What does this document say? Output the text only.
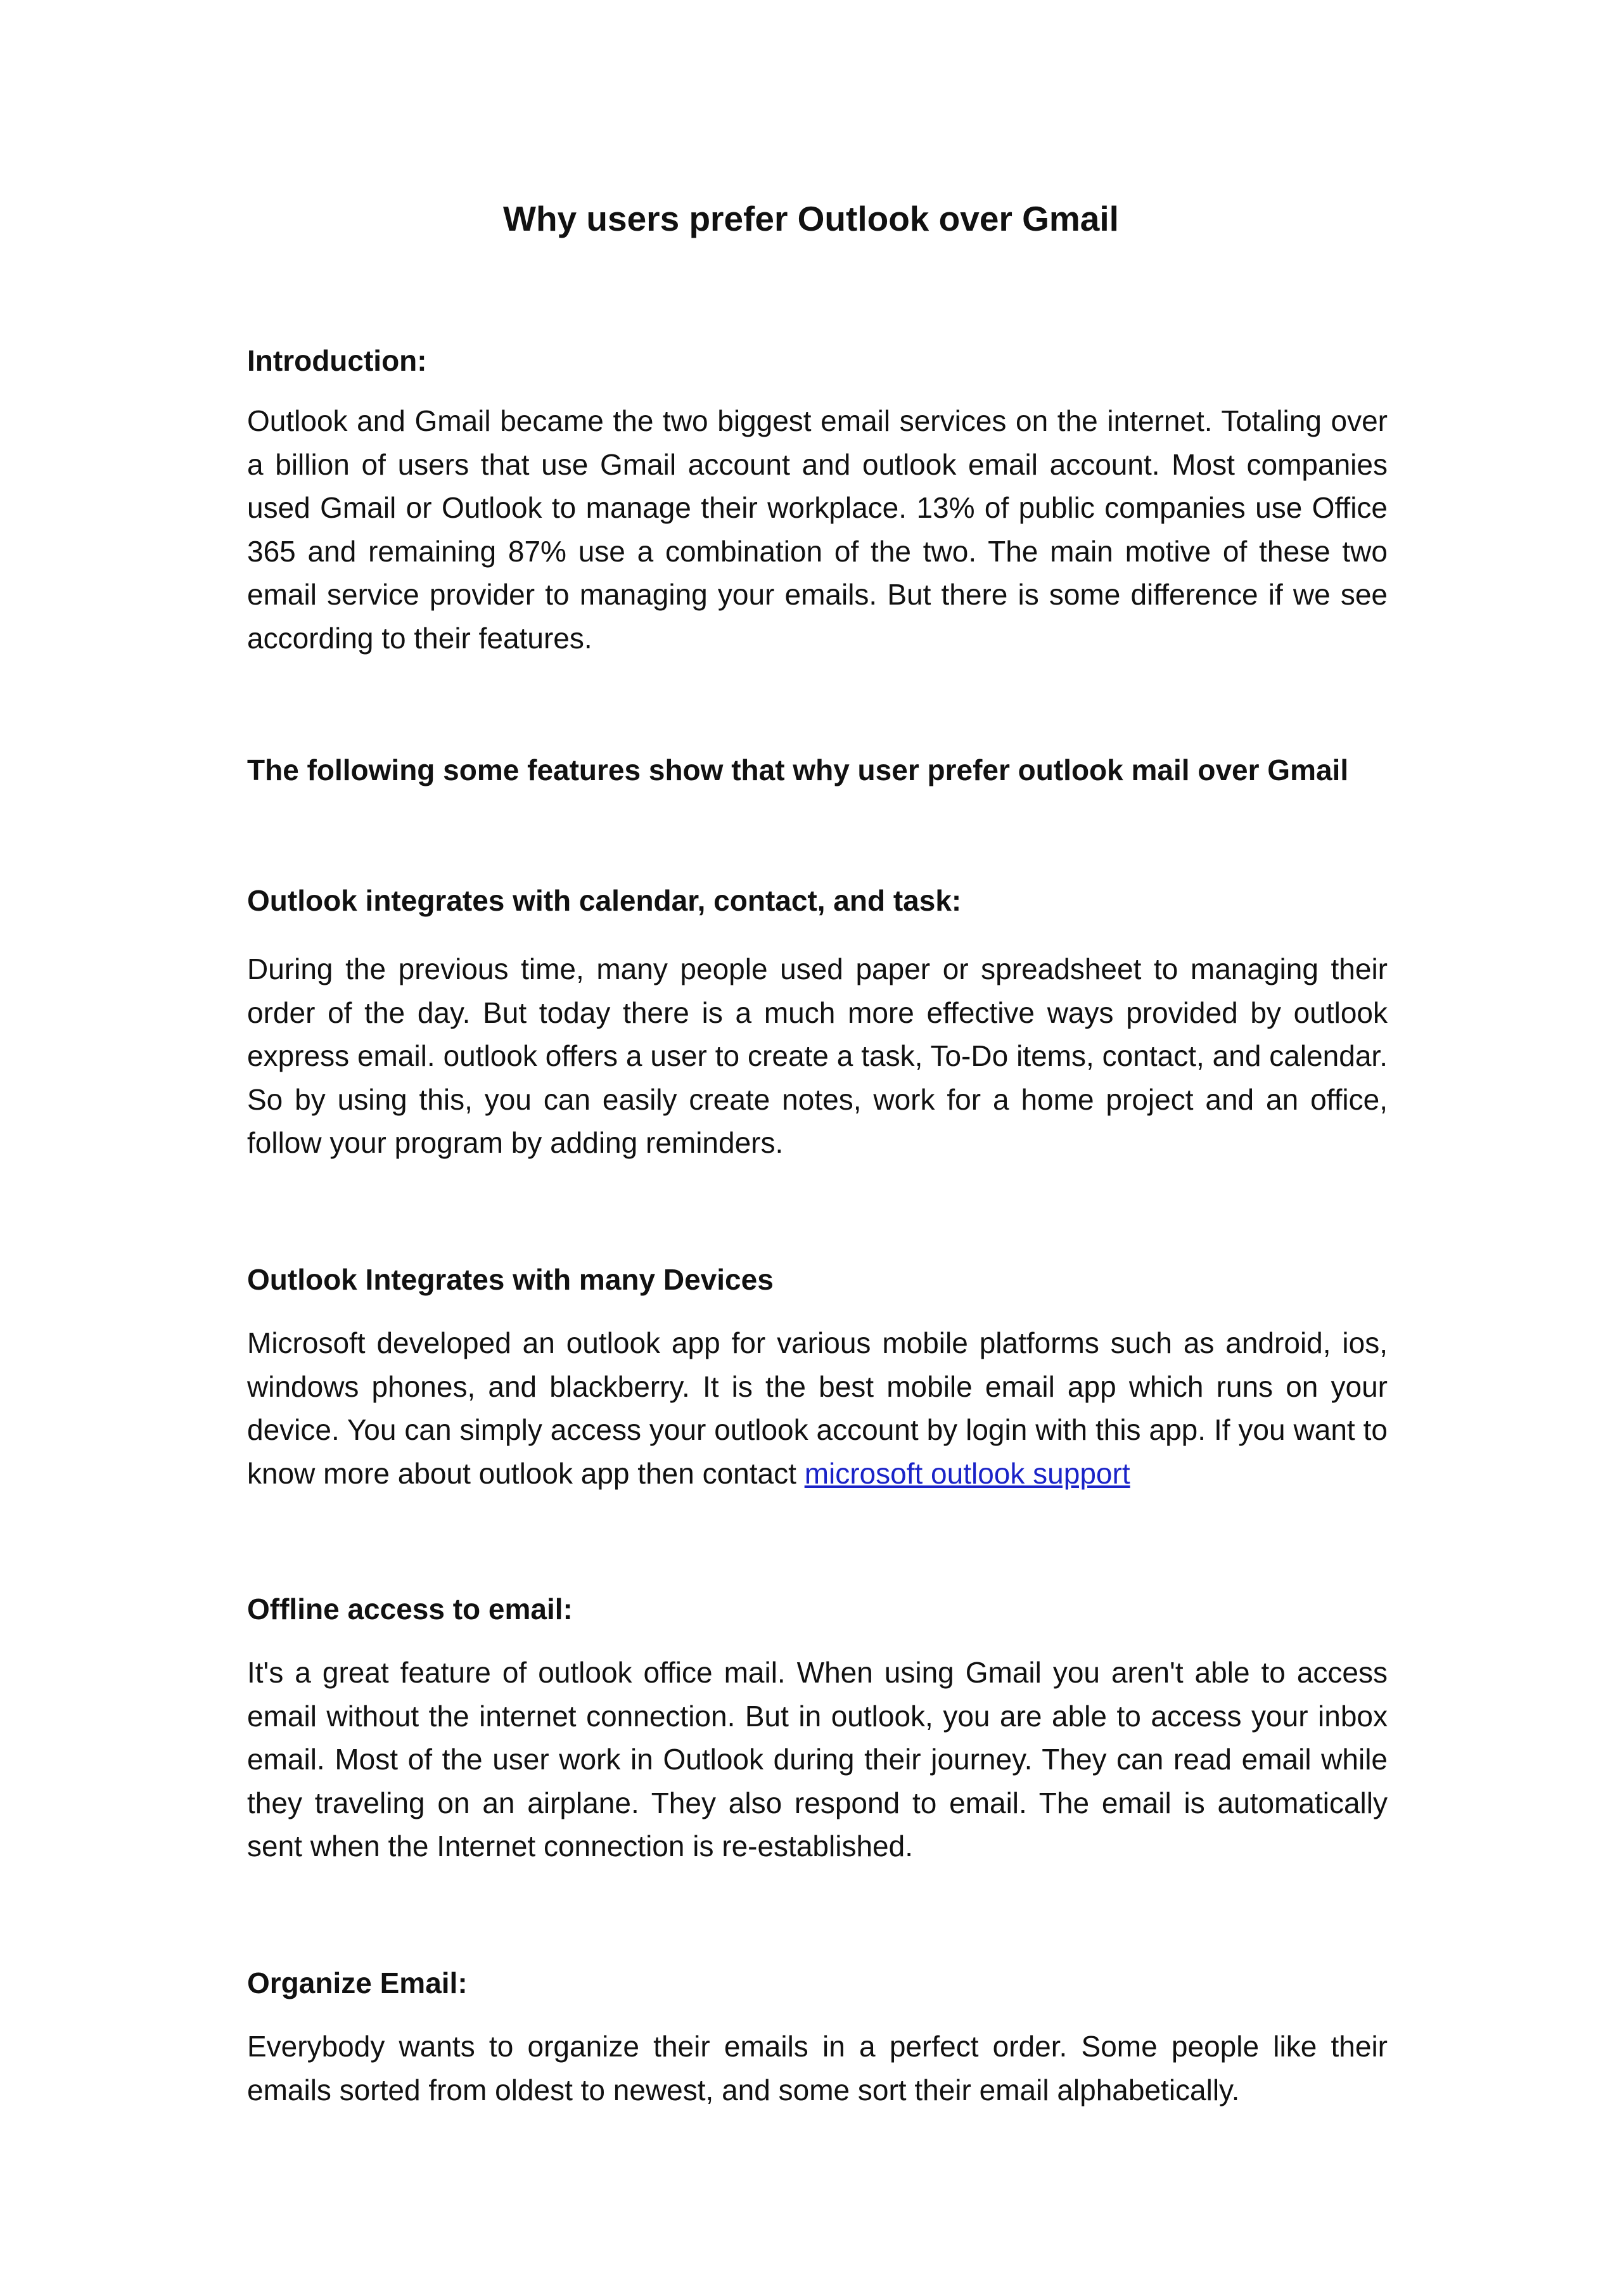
Why users prefer Outlook over Gmail
Introduction:

Outlook and Gmail became the two biggest email services on the internet. Totaling over a billion of users that use Gmail account and outlook email account. Most companies used Gmail or Outlook to manage their workplace. 13% of public companies use Office 365 and remaining 87% use a combination of the two. The main motive of these two email service provider to managing your emails. But there is some difference if we see according to their features.

The following some features show that why user prefer outlook mail over Gmail
Outlook integrates with calendar, contact, and task:

During the previous time, many people used paper or spreadsheet to managing their order of the day. But today there is a much more effective ways provided by outlook express email. outlook offers a user to create a task, To-Do items, contact, and calendar. So by using this, you can easily create notes, work for a home project and an office, follow your program by adding reminders.

Outlook Integrates with many Devices

Microsoft developed an outlook app for various mobile platforms such as android, ios, windows phones, and blackberry. It is the best mobile email app which runs on your device. You can simply access your outlook account by login with this app. If you want to know more about outlook app then contact microsoft outlook support

Offline access to email:

It's a great feature of outlook office mail. When using Gmail you aren't able to access email without the internet connection. But in outlook, you are able to access your inbox email. Most of the user work in Outlook during their journey. They can read email while they traveling on an airplane. They also respond to email. The email is automatically sent when the Internet connection is re-established.

Organize Email:

Everybody wants to organize their emails in a perfect order. Some people like their emails sorted from oldest to newest, and some sort their email alphabetically.
